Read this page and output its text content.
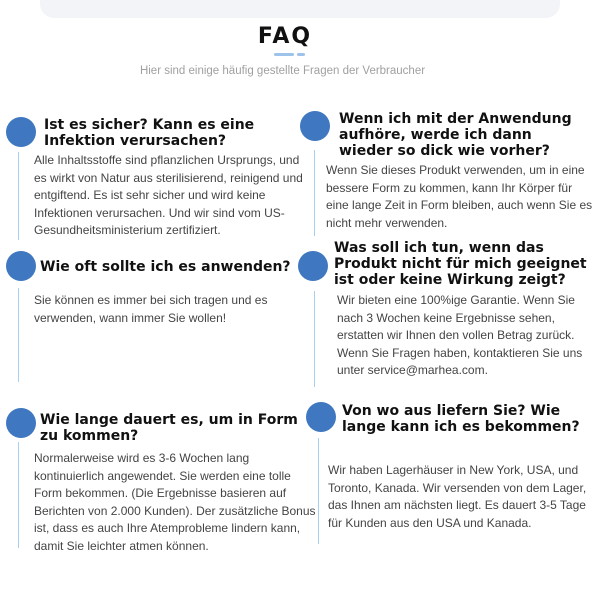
FAQ
Hier sind einige häufig gestellte Fragen der Verbraucher
Ist es sicher? Kann es eine Infektion verursachen?
Alle Inhaltsstoffe sind pflanzlichen Ursprungs, und es wirkt von Natur aus sterilisierend, reinigend und entgiftend. Es ist sehr sicher und wird keine Infektionen verursachen. Und wir sind vom US-Gesundheitsministerium zertifiziert.
Wenn ich mit der Anwendung aufhöre, werde ich dann wieder so dick wie vorher?
Wenn Sie dieses Produkt verwenden, um in eine bessere Form zu kommen, kann Ihr Körper für eine lange Zeit in Form bleiben, auch wenn Sie es nicht mehr verwenden.
Wie oft sollte ich es anwenden?
Sie können es immer bei sich tragen und es verwenden, wann immer Sie wollen!
Was soll ich tun, wenn das Produkt nicht für mich geeignet ist oder keine Wirkung zeigt?
Wir bieten eine 100%ige Garantie. Wenn Sie nach 3 Wochen keine Ergebnisse sehen, erstatten wir Ihnen den vollen Betrag zurück. Wenn Sie Fragen haben, kontaktieren Sie uns unter service@marhea.com.
Wie lange dauert es, um in Form zu kommen?
Normalerweise wird es 3-6 Wochen lang kontinuierlich angewendet. Sie werden eine tolle Form bekommen. (Die Ergebnisse basieren auf Berichten von 2.000 Kunden). Der zusätzliche Bonus ist, dass es auch Ihre Atemprobleme lindern kann, damit Sie leichter atmen können.
Von wo aus liefern Sie? Wie lange kann ich es bekommen?
Wir haben Lagerhäuser in New York, USA, und Toronto, Kanada. Wir versenden von dem Lager, das Ihnen am nächsten liegt. Es dauert 3-5 Tage für Kunden aus den USA und Kanada.
